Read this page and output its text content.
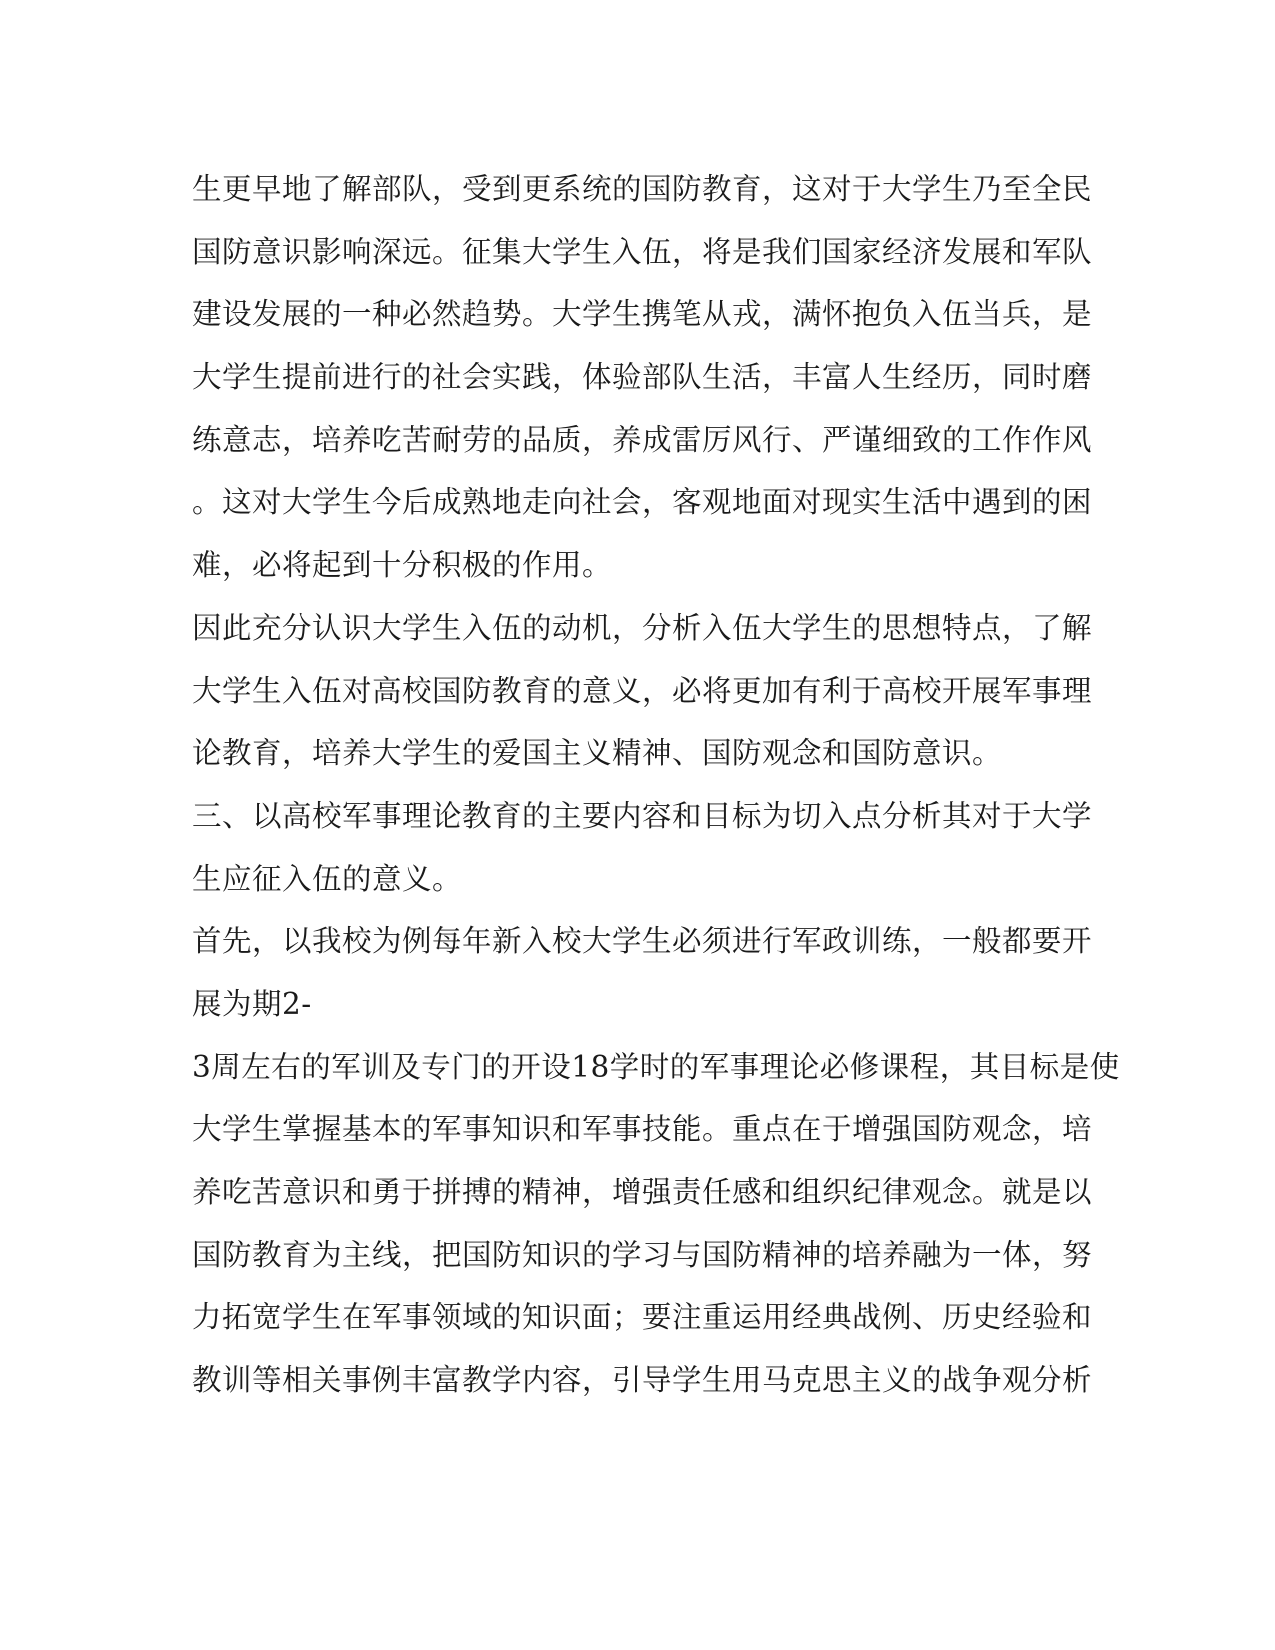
生更早地了解部队，受到更系统的国防教育，这对于大学生乃至全民
国防意识影响深远。征集大学生入伍，将是我们国家经济发展和军队
建设发展的一种必然趋势。大学生携笔从戎，满怀抱负入伍当兵，是
大学生提前进行的社会实践，体验部队生活，丰富人生经历，同时磨
练意志，培养吃苦耐劳的品质，养成雷厉风行、严谨细致的工作作风
。这对大学生今后成熟地走向社会，客观地面对现实生活中遇到的困
难，必将起到十分积极的作用。
因此充分认识大学生入伍的动机，分析入伍大学生的思想特点，了解
大学生入伍对高校国防教育的意义，必将更加有利于高校开展军事理
论教育，培养大学生的爱国主义精神、国防观念和国防意识。
三、以高校军事理论教育的主要内容和目标为切入点分析其对于大学
生应征入伍的意义。
首先，以我校为例每年新入校大学生必须进行军政训练，一般都要开
展为期2-
3周左右的军训及专门的开设18学时的军事理论必修课程，其目标是使
大学生掌握基本的军事知识和军事技能。重点在于增强国防观念，培
养吃苦意识和勇于拼搏的精神，增强责任感和组织纪律观念。就是以
国防教育为主线，把国防知识的学习与国防精神的培养融为一体，努
力拓宽学生在军事领域的知识面；要注重运用经典战例、历史经验和
教训等相关事例丰富教学内容，引导学生用马克思主义的战争观分析
